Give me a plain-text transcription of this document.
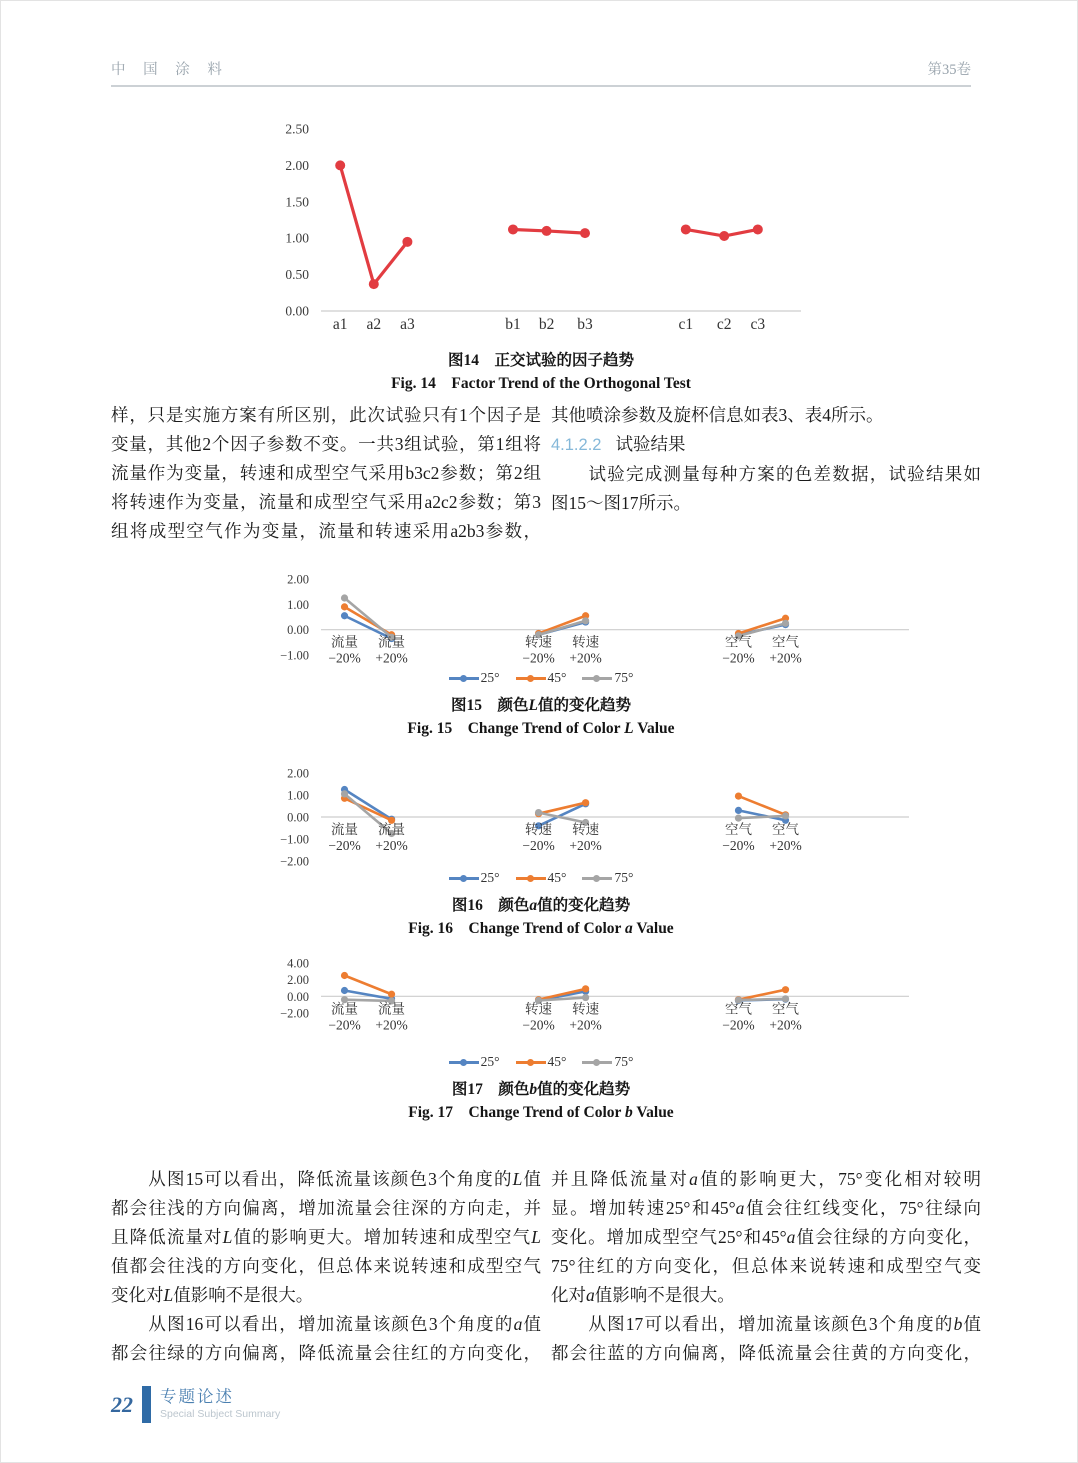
中 国 涂 料	第35卷
2.50
2.00
1.50
1.00
0.50
0.00
a1 a2 a3	b1 b2 b3	c1 c2 c3
图14　正交试验的因子趋势
Fig. 14 Factor Trend of the Orthogonal Test
样，只是实施方案有所区别，此次试验只有1个因子是
变量，其他2个因子参数不变。一共3组试验，第1组将
流量作为变量，转速和成型空气采用b3c2参数；第2组
将转速作为变量，流量和成型空气采用a2c2参数；第3
组将成型空气作为变量，流量和转速采用a2b3参数，
其他喷涂参数及旋杯信息如表3、表4所示。
4.1.2.2 试验结果
　　试验完成测量每种方案的色差数据，试验结果如
图15～图17所示。
2.00
1.00
0.00
−1.00
流量
−20%
流量
+20%
转速
−20%
转速
+20%
空气
−20%
空气
+20%
25°	45°	75°
图15　颜色L值的变化趋势
Fig. 15 Change Trend of Color L Value
2.00
1.00
0.00
−1.00
−2.00
流量
−20%
流量
+20%
转速
−20%
转速
+20%
空气
−20%
空气
+20%
25°	45°	75°
图16　颜色a值的变化趋势
Fig. 16 Change Trend of Color a Value
4.00
2.00
0.00
−2.00 流量
−20%
流量
+20%
转速
−20%
转速
+20%
空气
−20%
空气
+20%
25°	45°	75°
图17　颜色b值的变化趋势
Fig. 17 Change Trend of Color b Value
　　从图15可以看出，降低流量该颜色3个角度的L值
都会往浅的方向偏离，增加流量会往深的方向走，并
且降低流量对L值的影响更大。增加转速和成型空气L
值都会往浅的方向变化，但总体来说转速和成型空气
变化对L值影响不是很大。
　　从图16可以看出，增加流量该颜色3个角度的a值
都会往绿的方向偏离，降低流量会往红的方向变化，
并且降低流量对a值的影响更大，75°变化相对较明
显。增加转速25°和45°a值会往红线变化，75°往绿向
变化。增加成型空气25°和45°a值会往绿的方向变化，
75°往红的方向变化，但总体来说转速和成型空气变
化对a值影响不是很大。
　　从图17可以看出，增加流量该颜色3个角度的b值
都会往蓝的方向偏离，降低流量会往黄的方向变化，
22 专题论述
Special Subject Summary
